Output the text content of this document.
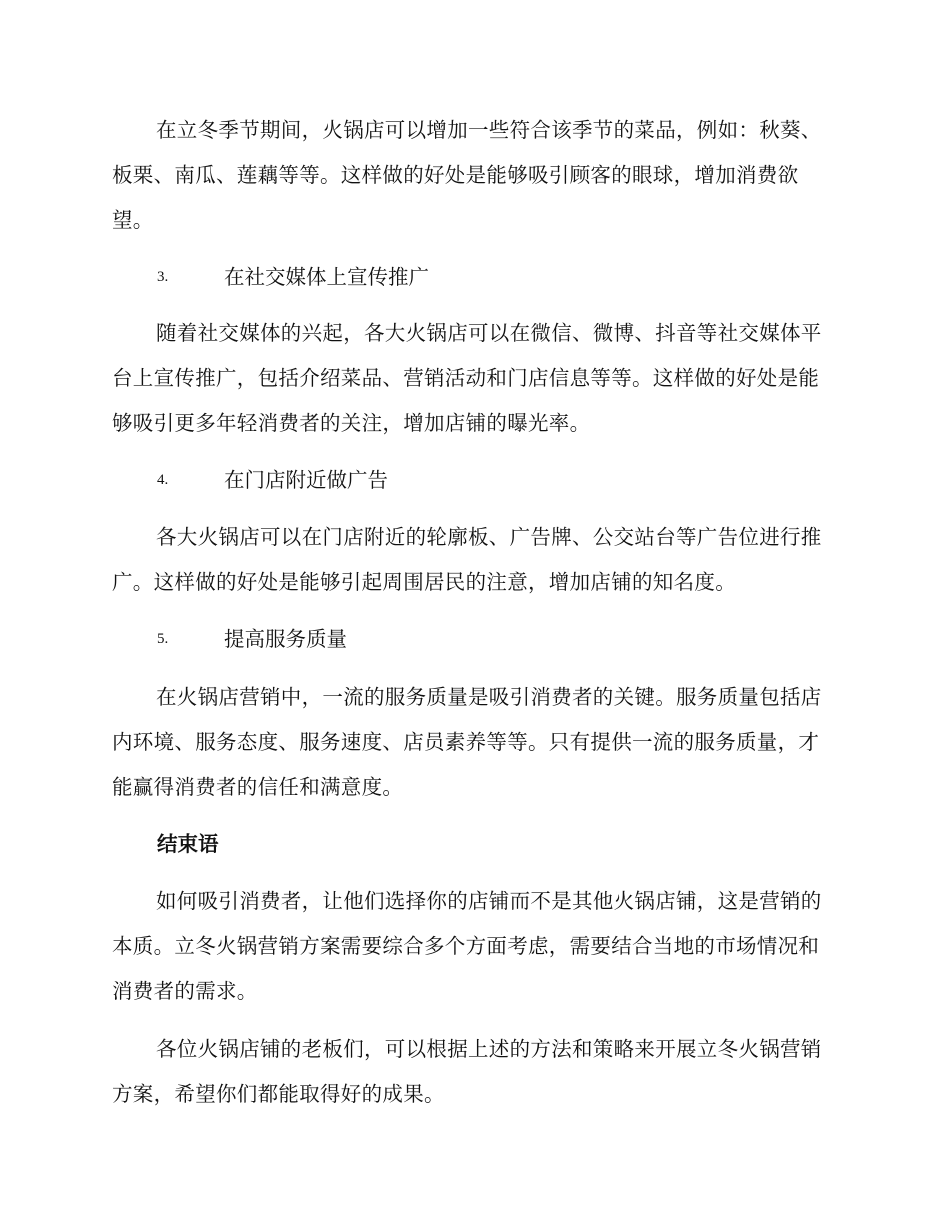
在立冬季节期间，火锅店可以增加一些符合该季节的菜品，例如：秋葵、板栗、南瓜、莲藕等等。这样做的好处是能够吸引顾客的眼球，增加消费欲望。

3.	在社交媒体上宣传推广

随着社交媒体的兴起，各大火锅店可以在微信、微博、抖音等社交媒体平台上宣传推广，包括介绍菜品、营销活动和门店信息等等。这样做的好处是能够吸引更多年轻消费者的关注，增加店铺的曝光率。

4.	在门店附近做广告

各大火锅店可以在门店附近的轮廓板、广告牌、公交站台等广告位进行推广。这样做的好处是能够引起周围居民的注意，增加店铺的知名度。

5.	提高服务质量

在火锅店营销中，一流的服务质量是吸引消费者的关键。服务质量包括店内环境、服务态度、服务速度、店员素养等等。只有提供一流的服务质量，才能赢得消费者的信任和满意度。

结束语

如何吸引消费者，让他们选择你的店铺而不是其他火锅店铺，这是营销的本质。立冬火锅营销方案需要综合多个方面考虑，需要结合当地的市场情况和消费者的需求。

各位火锅店铺的老板们，可以根据上述的方法和策略来开展立冬火锅营销方案，希望你们都能取得好的成果。
